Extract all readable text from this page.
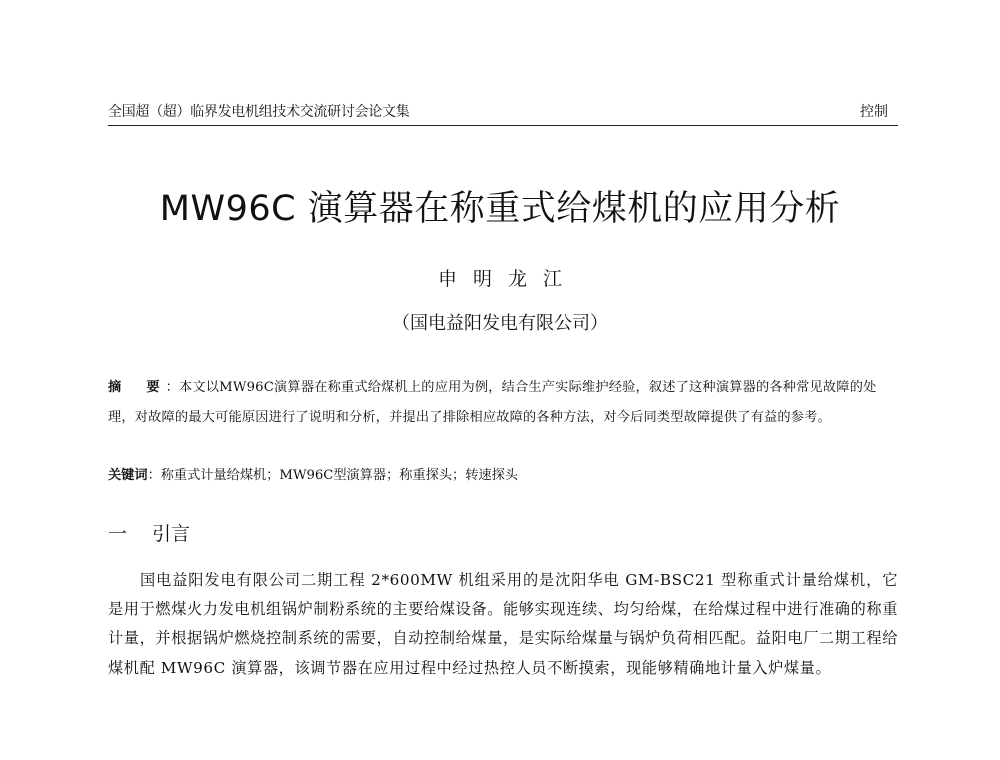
全国超（超）临界发电机组技术交流研讨会论文集	控制
MW96C 演算器在称重式给煤机的应用分析
申明龙江
（国电益阳发电有限公司）
摘　要：本文以MW96C演算器在称重式给煤机上的应用为例，结合生产实际维护经验，叙述了这种演算器的各种常见故障的处理，对故障的最大可能原因进行了说明和分析，并提出了排除相应故障的各种方法，对今后同类型故障提供了有益的参考。
关键词：称重式计量给煤机；MW96C型演算器；称重探头；转速探头
一 引言
国电益阳发电有限公司二期工程 2*600MW 机组采用的是沈阳华电 GM-BSC21 型称重式计量给煤机，它是用于燃煤火力发电机组锅炉制粉系统的主要给煤设备。能够实现连续、均匀给煤，在给煤过程中进行准确的称重计量，并根据锅炉燃烧控制系统的需要，自动控制给煤量，是实际给煤量与锅炉负荷相匹配。益阳电厂二期工程给煤机配 MW96C 演算器，该调节器在应用过程中经过热控人员不断摸索，现能够精确地计量入炉煤量。
